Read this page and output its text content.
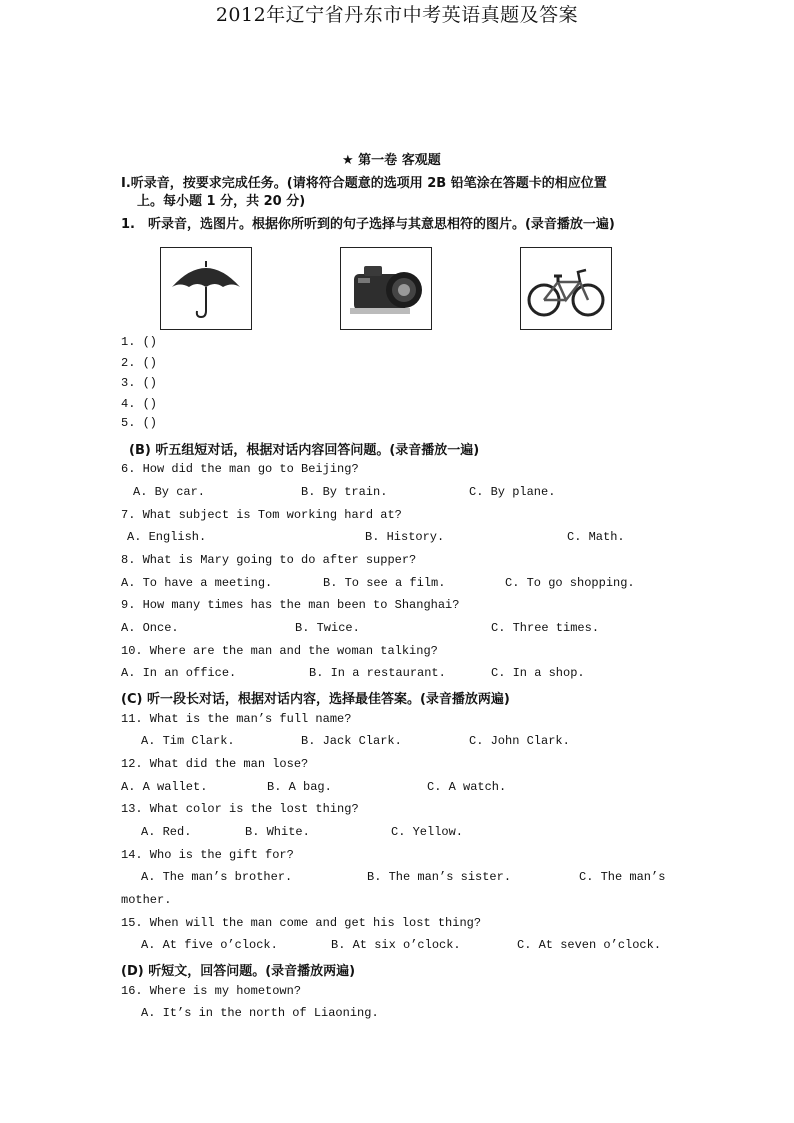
2012年辽宁省丹东市中考英语真题及答案
★ 第一卷 客观题
Ⅰ.听录音，按要求完成任务。(请将符合题意的选项用 2B 铅笔涂在答题卡的相应位置
上。每小题 1 分，共 20 分)
1.　听录音，选图片。根据你所听到的句子选择与其意思相符的图片。(录音播放一遍)
1. ()
2. ()
3. ()
4. ()
5. ()
(B) 听五组短对话，根据对话内容回答问题。(录音播放一遍)
6. How did the man go to Beijing?
A. By car.	B. By train.	C. By plane.
7. What subject is Tom working hard at?
A. English.	B. History.	C. Math.
8. What is Mary going to do after supper?
A. To have a meeting.	B. To see a film.	C. To go shopping.
9. How many times has the man been to Shanghai?
A. Once.	B. Twice.	C. Three times.
10. Where are the man and the woman talking?
A. In an office.	B. In a restaurant.	C. In a shop.
(C) 听一段长对话，根据对话内容，选择最佳答案。(录音播放两遍)
11. What is the man’s full name?
A. Tim Clark.	B. Jack Clark.	C. John Clark.
12. What did the man lose?
A. A wallet.	B. A bag.	C. A watch.
13. What color is the lost thing?
A. Red.	B. White.	C. Yellow.
14. Who is the gift for?
A. The man’s brother.	B. The man’s sister.	C. The man’s
mother.
15. When will the man come and get his lost thing?
A. At five o’clock.	B. At six o’clock.	C. At seven o’clock.
(D) 听短文，回答问题。(录音播放两遍)
16. Where is my hometown?
A. It’s in the north of Liaoning.
